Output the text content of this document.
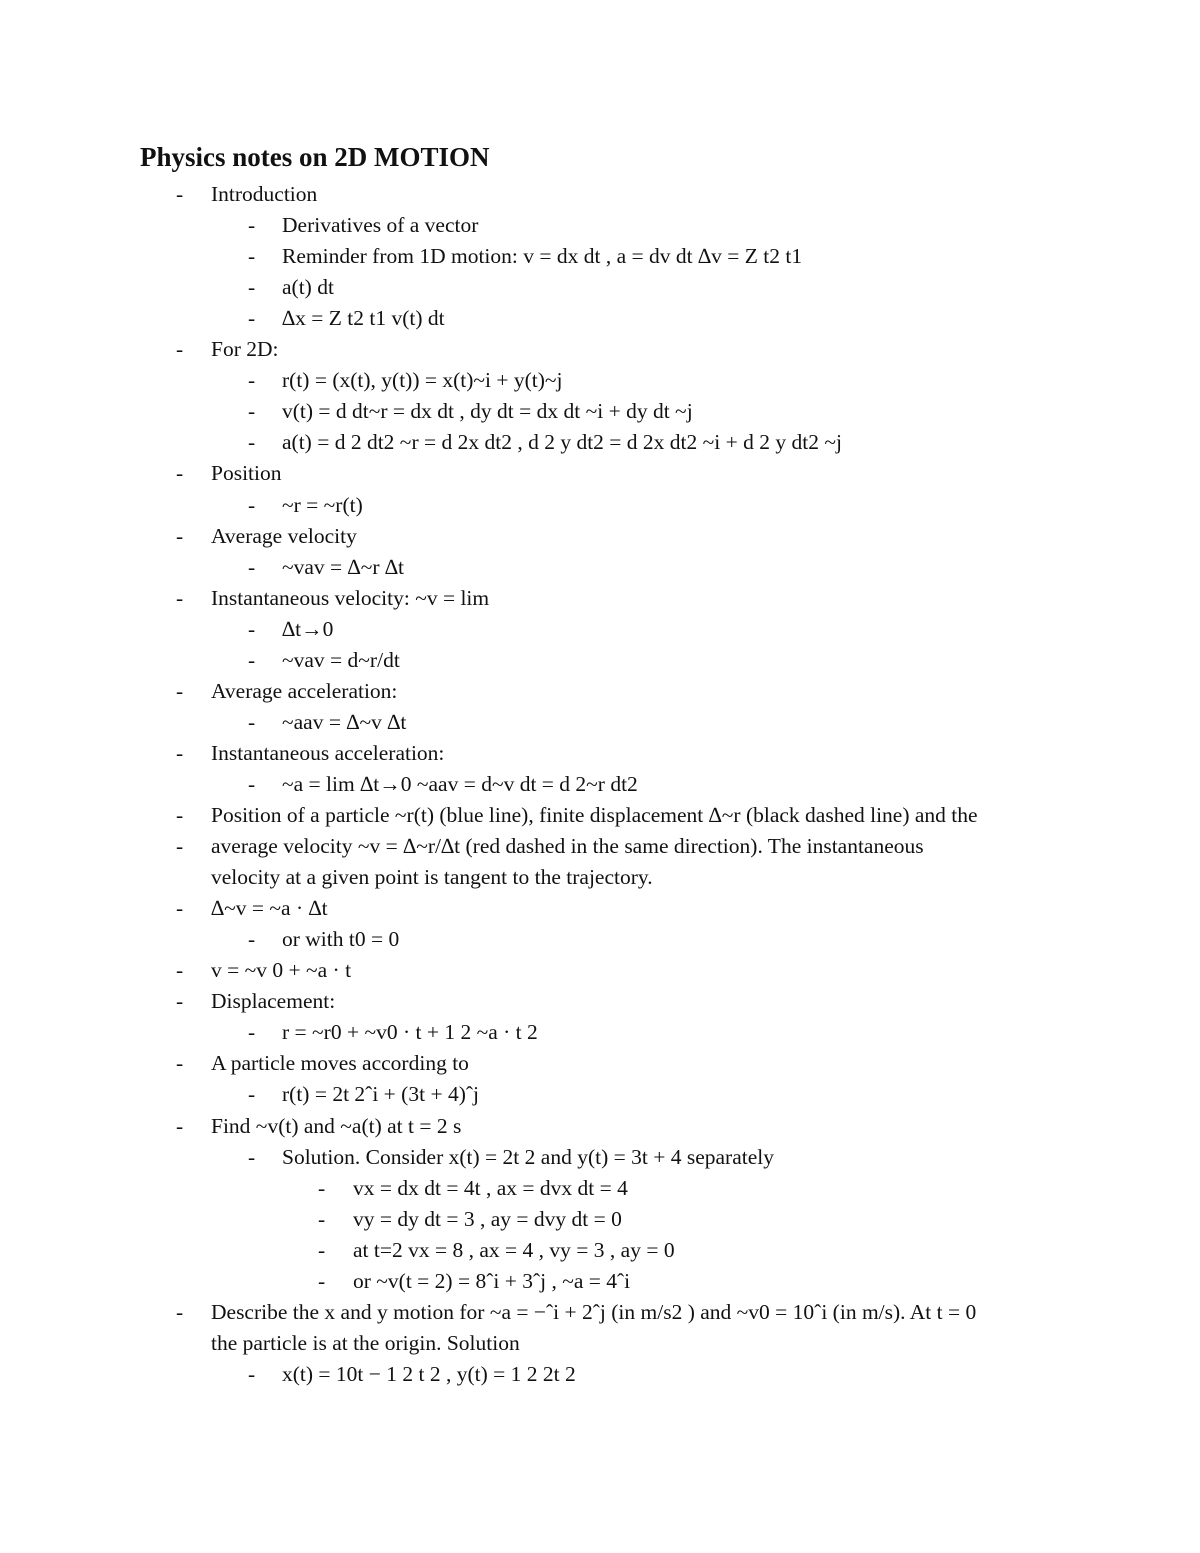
Physics notes on 2D MOTION
- Introduction
- Derivatives of a vector
- Reminder from 1D motion: v = dx dt , a = dv dt ∆v = Z t2 t1
- a(t) dt
- ∆x = Z t2 t1 v(t) dt
- For 2D:
- r(t) = (x(t), y(t)) = x(t)~i + y(t)~j
- v(t) = d dt~r = dx dt , dy dt = dx dt ~i + dy dt ~j
- a(t) = d 2 dt2 ~r = d 2x dt2 , d 2 y dt2 = d 2x dt2 ~i + d 2 y dt2 ~j
- Position
- ~r = ~r(t)
- Average velocity
- ~vav = ∆~r ∆t
- Instantaneous velocity: ~v = lim
- ∆t→0
- ~vav = d~r/dt
- Average acceleration:
- ~aav = ∆~v ∆t
- Instantaneous acceleration:
- ~a = lim ∆t→0 ~aav = d~v dt = d 2~r dt2
- Position of a particle ~r(t) (blue line), finite displacement ∆~r (black dashed line) and the
- average velocity ~v = ∆~r/∆t (red dashed in the same direction). The instantaneous
velocity at a given point is tangent to the trajectory.
- ∆~v = ~a · ∆t
- or with t0 = 0
- v = ~v 0 + ~a · t
- Displacement:
- r = ~r0 + ~v0 · t + 1 2 ~a · t 2
- A particle moves according to
- r(t) = 2t 2ˆi + (3t + 4)ˆj
- Find ~v(t) and ~a(t) at t = 2 s
- Solution. Consider x(t) = 2t 2 and y(t) = 3t + 4 separately
- vx = dx dt = 4t , ax = dvx dt = 4
- vy = dy dt = 3 , ay = dvy dt = 0
- at t=2 vx = 8 , ax = 4 , vy = 3 , ay = 0
- or ~v(t = 2) = 8ˆi + 3ˆj , ~a = 4ˆi
- Describe the x and y motion for ~a = −ˆi + 2ˆj (in m/s2 ) and ~v0 = 10ˆi (in m/s). At t = 0
the particle is at the origin. Solution
- x(t) = 10t − 1 2 t 2 , y(t) = 1 2 2t 2
